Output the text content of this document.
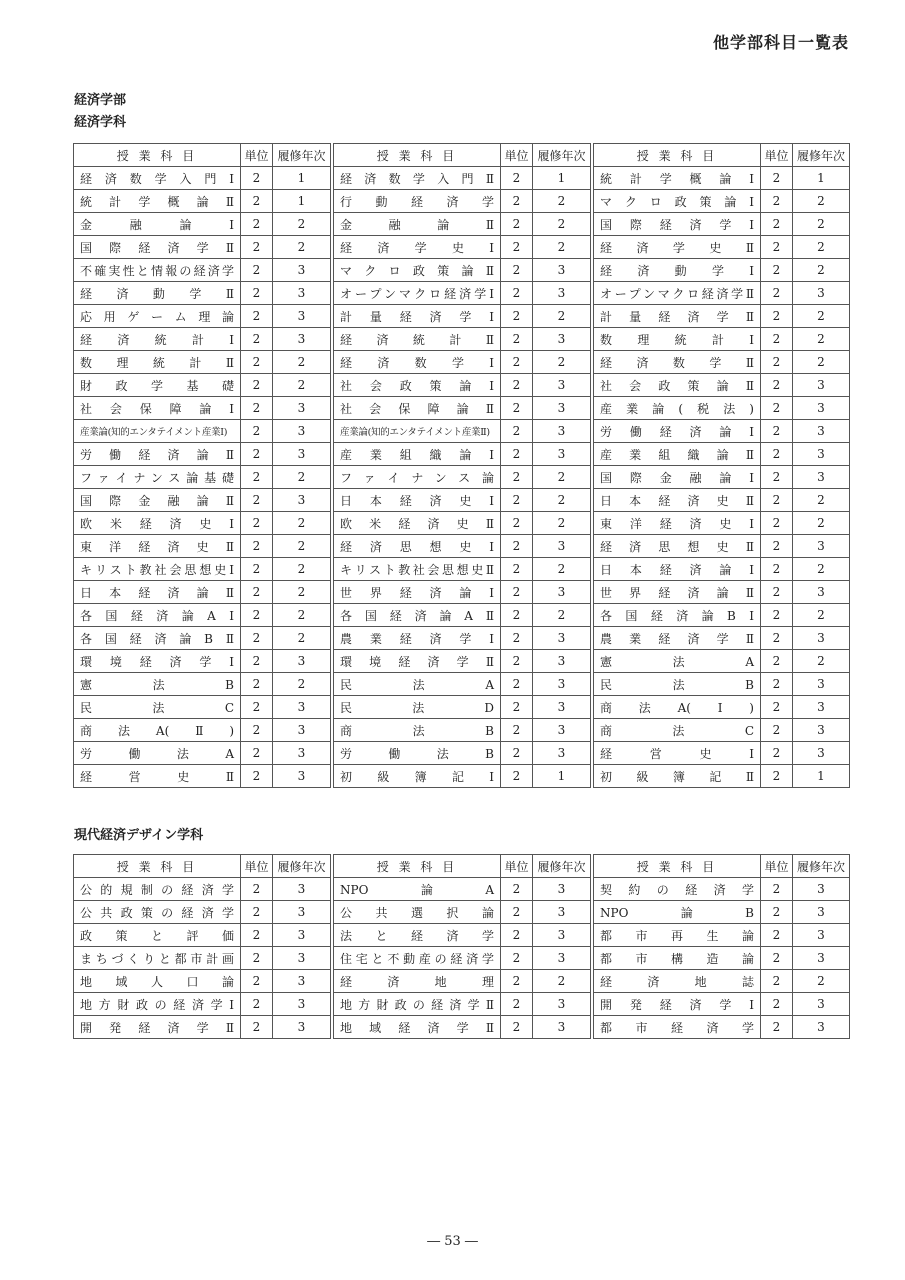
他学部科目一覧表
経済学部
経済学科
授 業 科 目	単位	履修年次		授 業 科 目	単位	履修年次		授 業 科 目	単位	履修年次
経済数学入門Ⅰ	2	1		経済数学入門Ⅱ	2	1		統計学概論Ⅰ	2	1
統計学概論Ⅱ	2	1		行動経済学	2	2		マクロ政策論Ⅰ	2	2
金融論Ⅰ	2	2		金融論Ⅱ	2	2		国際経済学Ⅰ	2	2
国際経済学Ⅱ	2	2		経済学史Ⅰ	2	2		経済学史Ⅱ	2	2
不確実性と情報の経済学	2	3		マクロ政策論Ⅱ	2	3		経済動学Ⅰ	2	2
経済動学Ⅱ	2	3		オープンマクロ経済学Ⅰ	2	3		オープンマクロ経済学Ⅱ	2	3
応用ゲーム理論	2	3		計量経済学Ⅰ	2	2		計量経済学Ⅱ	2	2
経済統計Ⅰ	2	3		経済統計Ⅱ	2	3		数理統計Ⅰ	2	2
数理統計Ⅱ	2	2		経済数学Ⅰ	2	2		経済数学Ⅱ	2	2
財政学基礎	2	2		社会政策論Ⅰ	2	3		社会政策論Ⅱ	2	3
社会保障論Ⅰ	2	3		社会保障論Ⅱ	2	3		産業論(税法)	2	3
産業論(知的エンタテイメント産業Ⅰ)	2	3		産業論(知的エンタテイメント産業Ⅱ)	2	3		労働経済論Ⅰ	2	3
労働経済論Ⅱ	2	3		産業組織論Ⅰ	2	3		産業組織論Ⅱ	2	3
ファイナンス論基礎	2	2		ファイナンス論	2	2		国際金融論Ⅰ	2	3
国際金融論Ⅱ	2	3		日本経済史Ⅰ	2	2		日本経済史Ⅱ	2	2
欧米経済史Ⅰ	2	2		欧米経済史Ⅱ	2	2		東洋経済史Ⅰ	2	2
東洋経済史Ⅱ	2	2		経済思想史Ⅰ	2	3		経済思想史Ⅱ	2	3
キリスト教社会思想史Ⅰ	2	2		キリスト教社会思想史Ⅱ	2	2		日本経済論Ⅰ	2	2
日本経済論Ⅱ	2	2		世界経済論Ⅰ	2	3		世界経済論Ⅱ	2	3
各国経済論AⅠ	2	2		各国経済論AⅡ	2	2		各国経済論BⅠ	2	2
各国経済論BⅡ	2	2		農業経済学Ⅰ	2	3		農業経済学Ⅱ	2	3
環境経済学Ⅰ	2	3		環境経済学Ⅱ	2	3		憲法A	2	2
憲法B	2	2		民法A	2	3		民法B	2	3
民法C	2	3		民法D	2	3		商法A(Ⅰ)	2	3
商法A(Ⅱ)	2	3		商法B	2	3		商法C	2	3
労働法A	2	3		労働法B	2	3		経営史Ⅰ	2	3
経営史Ⅱ	2	3		初級簿記Ⅰ	2	1		初級簿記Ⅱ	2	1
現代経済デザイン学科
授 業 科 目	単位	履修年次		授 業 科 目	単位	履修年次		授 業 科 目	単位	履修年次
公的規制の経済学	2	3		NPO論A	2	3		契約の経済学	2	3
公共政策の経済学	2	3		公共選択論	2	3		NPO論B	2	3
政策と評価	2	3		法と経済学	2	3		都市再生論	2	3
まちづくりと都市計画	2	3		住宅と不動産の経済学	2	3		都市構造論	2	3
地域人口論	2	3		経済地理	2	2		経済地誌	2	2
地方財政の経済学Ⅰ	2	3		地方財政の経済学Ⅱ	2	3		開発経済学Ⅰ	2	3
開発経済学Ⅱ	2	3		地域経済学Ⅱ	2	3		都市経済学	2	3
― 53 ―
